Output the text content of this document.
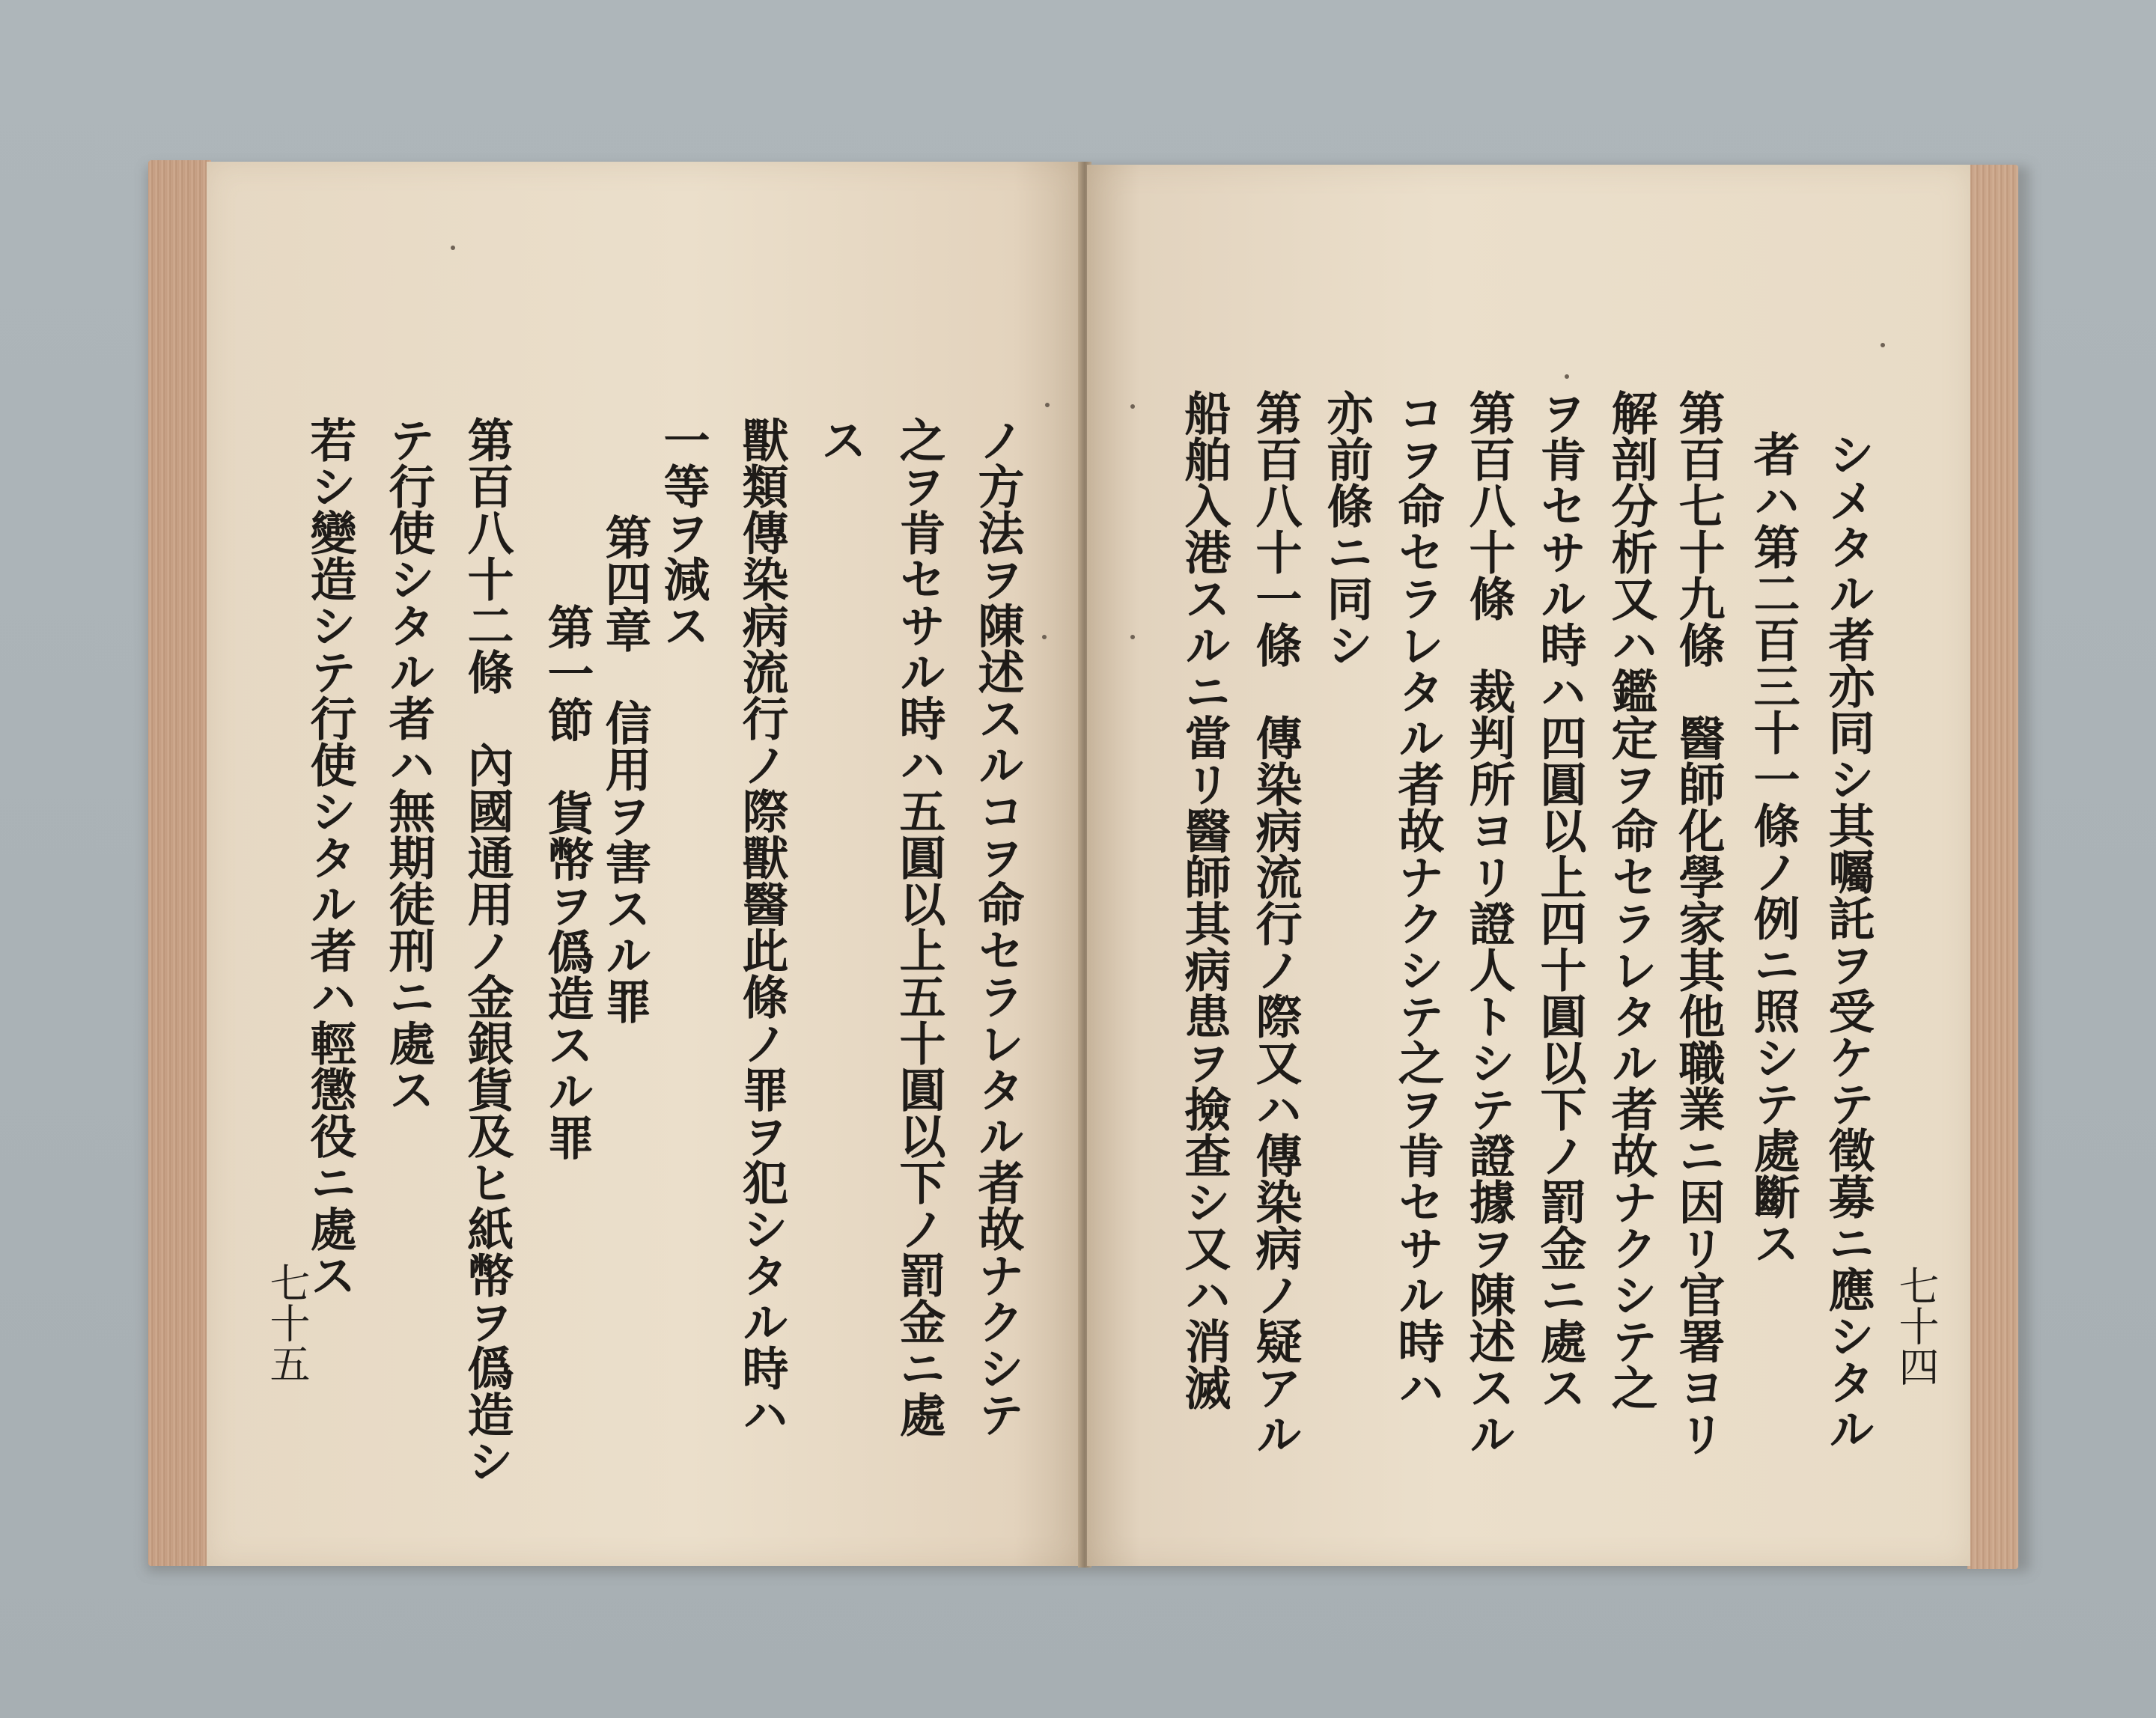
ノ方法ヲ陳述スルコヲ命セラレタル者故ナクシテ
之ヲ肯セサル時ハ五圓以上五十圓以下ノ罰金ニ處
ス
獸類傳染病流行ノ際獸醫此條ノ罪ヲ犯シタル時ハ
一等ヲ減ス
第四章　信用ヲ害スル罪
第一節　貨幣ヲ僞造スル罪
第百八十二條　內國通用ノ金銀貨及ヒ紙幣ヲ僞造シ
テ行使シタル者ハ無期徒刑ニ處ス
若シ變造シテ行使シタル者ハ輕懲役ニ處ス
七十五	シメタル者亦同シ其囑託ヲ受ケテ徵募ニ應シタル
者ハ第二百三十一條ノ例ニ照シテ處斷ス
第百七十九條　醫師化學家其他職業ニ因リ官署ヨリ
解剖分析又ハ鑑定ヲ命セラレタル者故ナクシテ之
ヲ肯セサル時ハ四圓以上四十圓以下ノ罰金ニ處ス
第百八十條　裁判所ヨリ證人トシテ證據ヲ陳述スル
コヲ命セラレタル者故ナクシテ之ヲ肯セサル時ハ
亦前條ニ同シ
第百八十一條　傳染病流行ノ際又ハ傳染病ノ疑アル
船舶入港スルニ當リ醫師其病患ヲ撿查シ又ハ消滅	七十四
